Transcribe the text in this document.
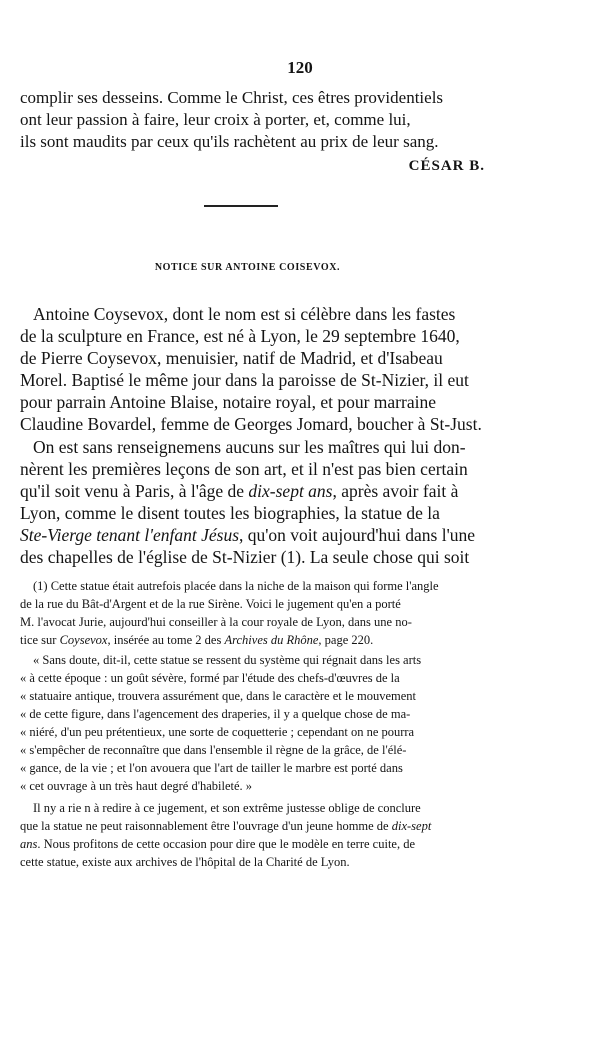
120
complir ses desseins. Comme le Christ, ces êtres providentiels
ont leur passion à faire, leur croix à porter, et, comme lui,
ils sont maudits par ceux qu'ils rachètent au prix de leur sang.
CÉSAR B.
NOTICE SUR ANTOINE COISEVOX.
Antoine Coysevox, dont le nom est si célèbre dans les fastes
de la sculpture en France, est né à Lyon, le 29 septembre 1640,
de Pierre Coysevox, menuisier, natif de Madrid, et d'Isabeau
Morel. Baptisé le même jour dans la paroisse de St-Nizier, il eut
pour parrain Antoine Blaise, notaire royal, et pour marraine
Claudine Bovardel, femme de Georges Jomard, boucher à St-Just.
On est sans renseignemens aucuns sur les maîtres qui lui don-
nèrent les premières leçons de son art, et il n'est pas bien certain
qu'il soit venu à Paris, à l'âge de dix-sept ans, après avoir fait à
Lyon, comme le disent toutes les biographies, la statue de la
Ste-Vierge tenant l'enfant Jésus, qu'on voit aujourd'hui dans l'une
des chapelles de l'église de St-Nizier (1). La seule chose qui soit
(1) Cette statue était autrefois placée dans la niche de la maison qui forme l'angle
de la rue du Bât-d'Argent et de la rue Sirène. Voici le jugement qu'en a porté
M. l'avocat Jurie, aujourd'hui conseiller à la cour royale de Lyon, dans une no-
tice sur Coysevox, insérée au tome 2 des Archives du Rhône, page 220.
« Sans doute, dit-il, cette statue se ressent du système qui régnait dans les arts
« à cette époque : un goût sévère, formé par l'étude des chefs-d'œuvres de la
« statuaire antique, trouvera assurément que, dans le caractère et le mouvement
« de cette figure, dans l'agencement des draperies, il y a quelque chose de ma-
« niéré, d'un peu prétentieux, une sorte de coquetterie ; cependant on ne pourra
« s'empêcher de reconnaître que dans l'ensemble il règne de la grâce, de l'élé-
« gance, de la vie ; et l'on avouera que l'art de tailler le marbre est porté dans
« cet ouvrage à un très haut degré d'habileté. »
Il ny a rie n à redire à ce jugement, et son extrême justesse oblige de conclure
que la statue ne peut raisonnablement être l'ouvrage d'un jeune homme de dix-sept
ans. Nous profitons de cette occasion pour dire que le modèle en terre cuite, de
cette statue, existe aux archives de l'hôpital de la Charité de Lyon.
